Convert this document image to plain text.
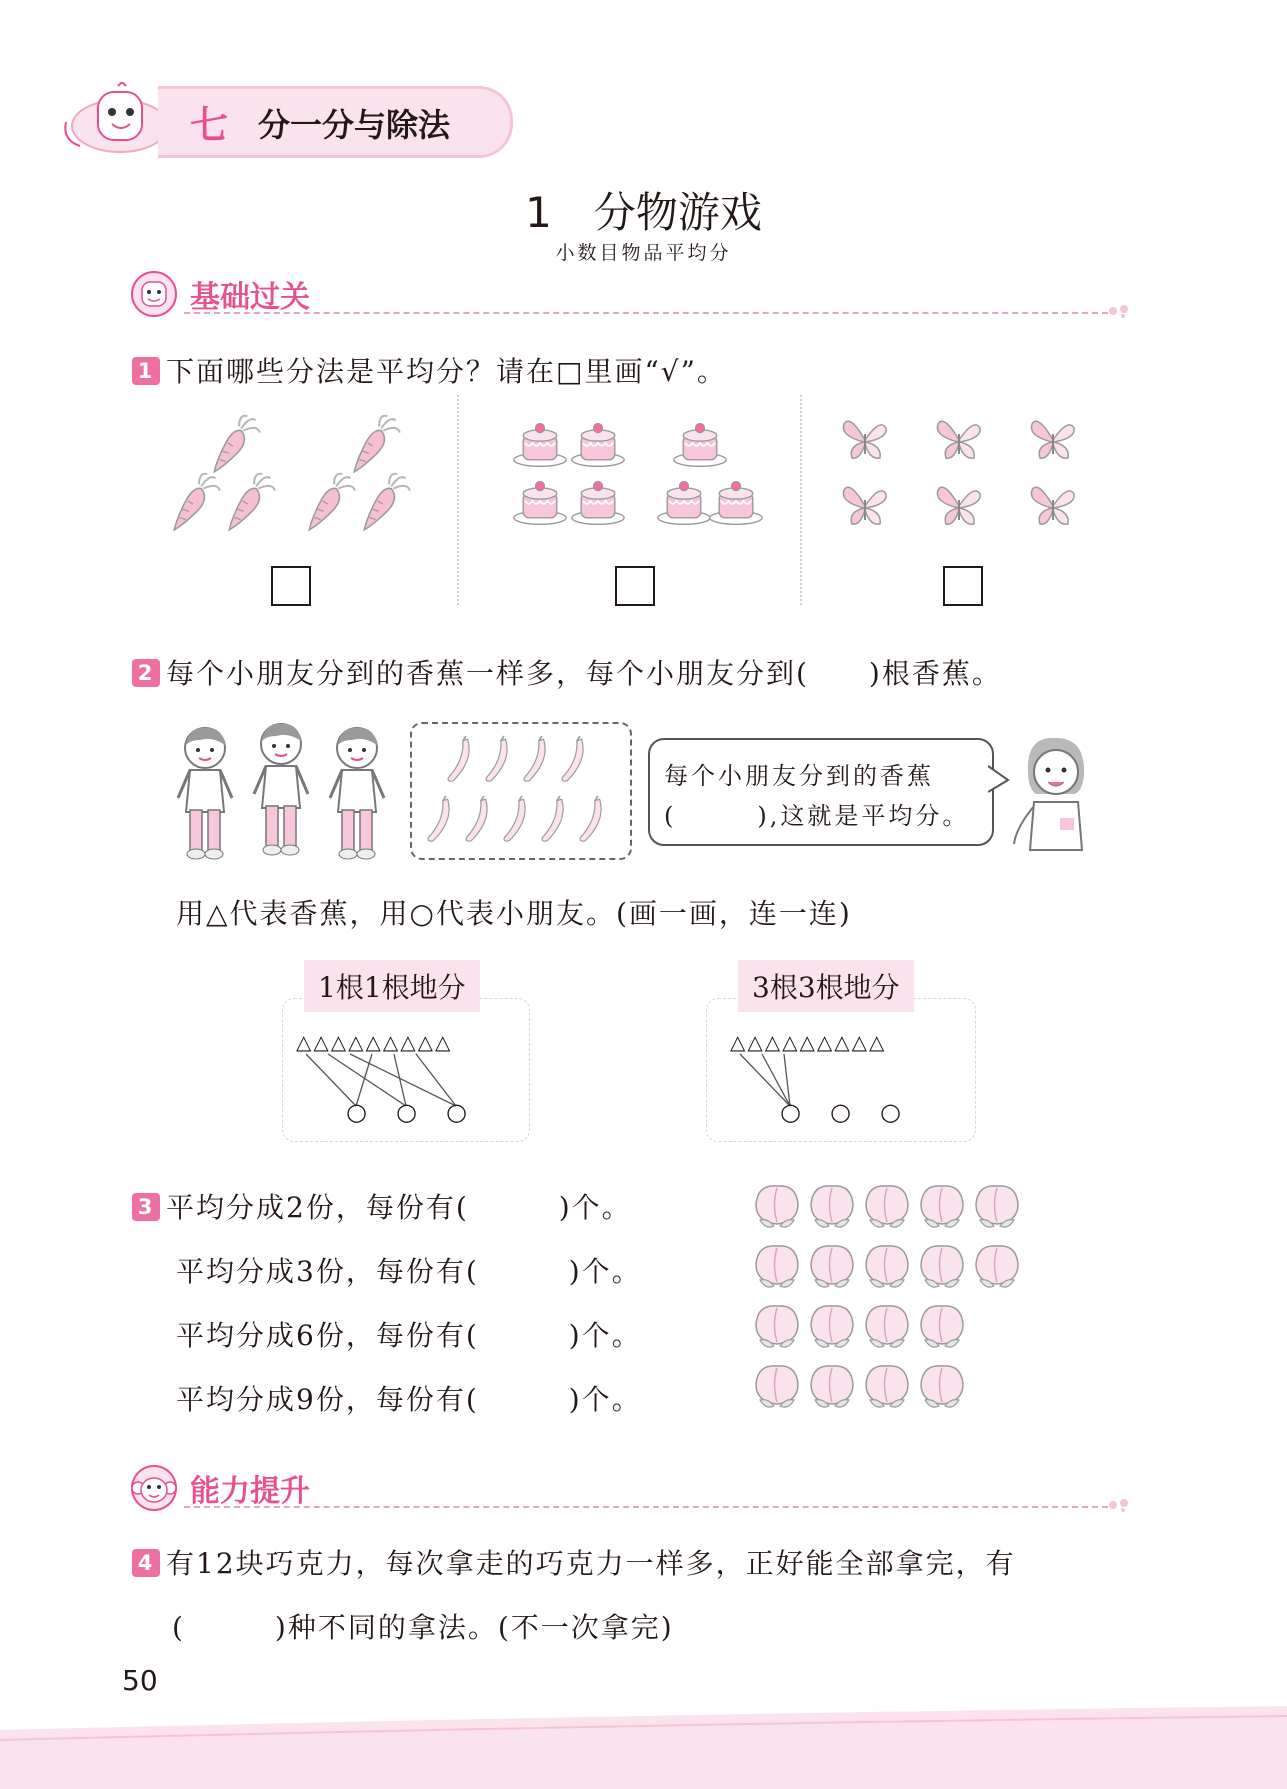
七 分一分与除法
1　分物游戏
小数目物品平均分
基础过关
1 下面哪些分法是平均分？请在□里画“√”。
2 每个小朋友分到的香蕉一样多，每个小朋友分到(　　)根香蕉。
每个小朋友分到的香蕉
(　　　),这就是平均分。
用△代表香蕉，用○代表小朋友。(画一画，连一连)
1根1根地分
△△△△△△△△△
○ ○ ○
3根3根地分
△△△△△△△△△
○ ○ ○
3 平均分成2份，每份有(　　　)个。
平均分成3份，每份有(　　　)个。
平均分成6份，每份有(　　　)个。
平均分成9份，每份有(　　　)个。
能力提升
4 有12块巧克力，每次拿走的巧克力一样多，正好能全部拿完，有
(　　　)种不同的拿法。(不一次拿完)
50
